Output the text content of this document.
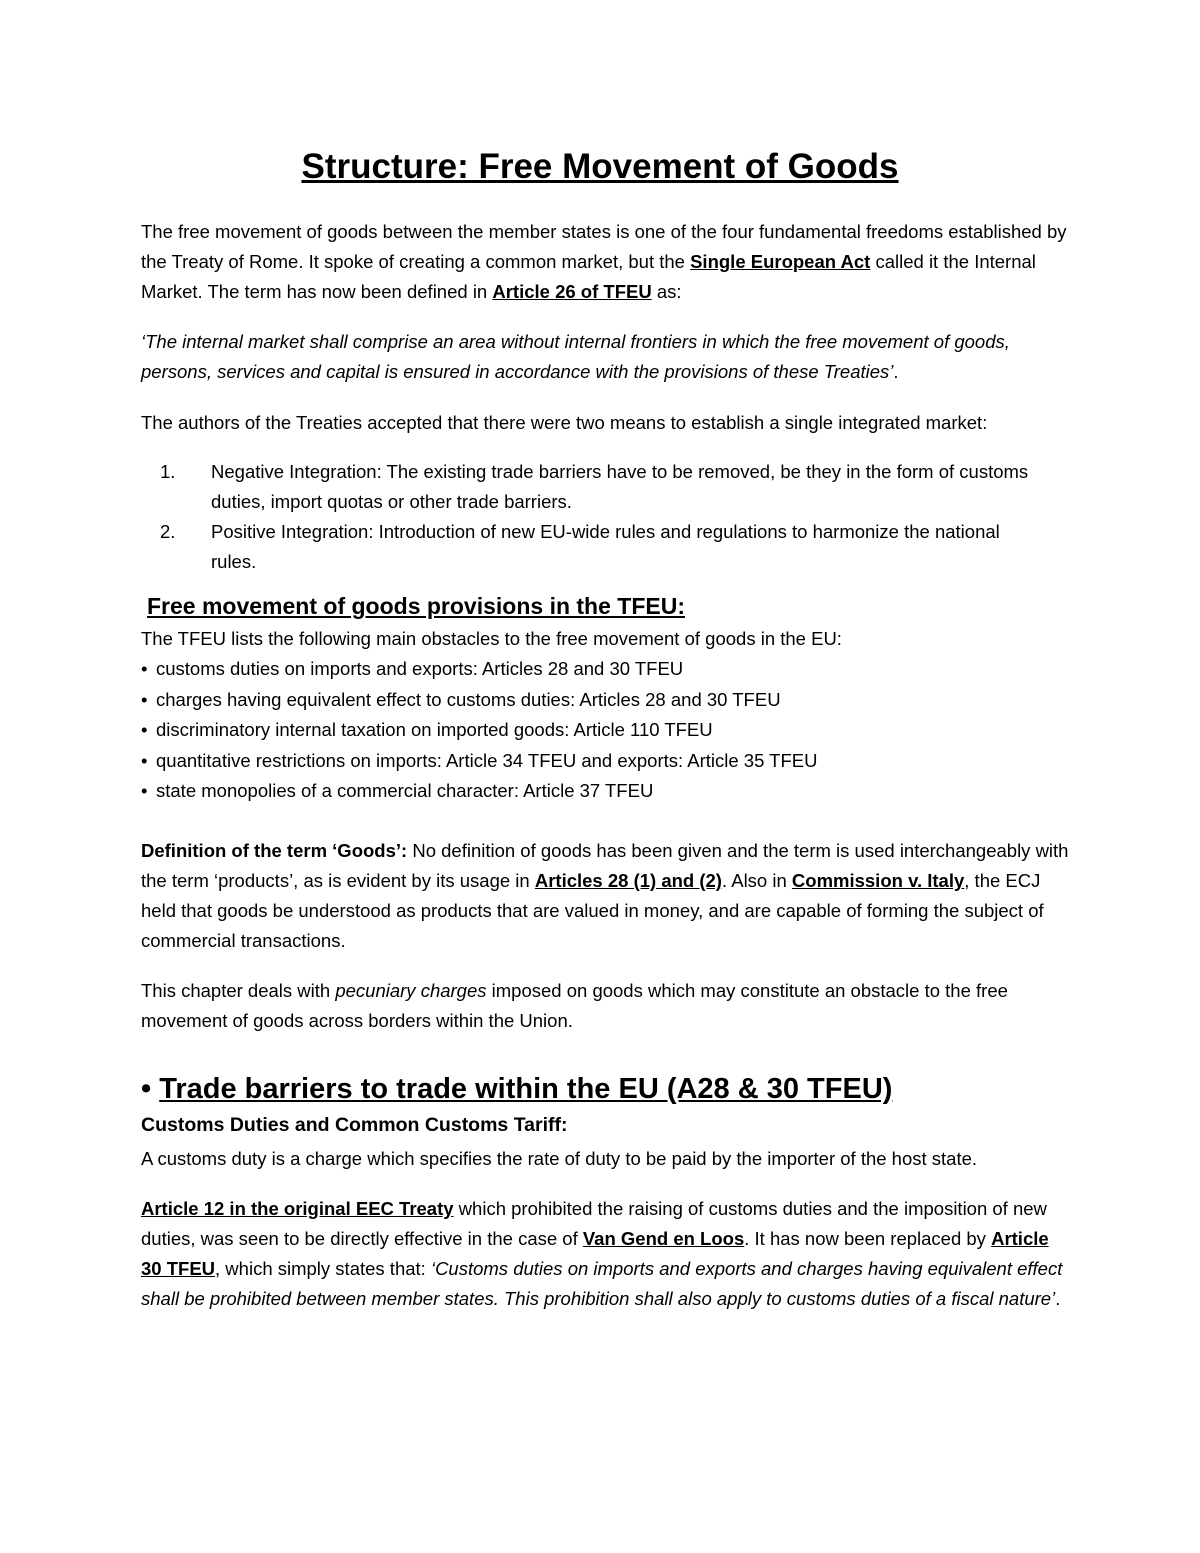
Structure: Free Movement of Goods

The free movement of goods between the member states is one of the four fundamental freedoms established by the Treaty of Rome. It spoke of creating a common market, but the Single European Act called it the Internal Market. The term has now been defined in Article 26 of TFEU as:

‘The internal market shall comprise an area without internal frontiers in which the free movement of goods, persons, services and capital is ensured in accordance with the provisions of these Treaties’.

The authors of the Treaties accepted that there were two means to establish a single integrated market:

1. Negative Integration: The existing trade barriers have to be removed, be they in the form of customs duties, import quotas or other trade barriers.
2. Positive Integration: Introduction of new EU-wide rules and regulations to harmonize the national rules.
Free movement of goods provisions in the TFEU:

The TFEU lists the following main obstacles to the free movement of goods in the EU:

• customs duties on imports and exports: Articles 28 and 30 TFEU
• charges having equivalent effect to customs duties: Articles 28 and 30 TFEU
• discriminatory internal taxation on imported goods: Article 110 TFEU
• quantitative restrictions on imports: Article 34 TFEU and exports: Article 35 TFEU
• state monopolies of a commercial character: Article 37 TFEU

Definition of the term ‘Goods’: No definition of goods has been given and the term is used interchangeably with the term ‘products’, as is evident by its usage in Articles 28 (1) and (2). Also in Commission v. Italy, the ECJ held that goods be understood as products that are valued in money, and are capable of forming the subject of commercial transactions.

This chapter deals with pecuniary charges imposed on goods which may constitute an obstacle to the free movement of goods across borders within the Union.

• Trade barriers to trade within the EU (A28 & 30 TFEU)
Customs Duties and Common Customs Tariff:

A customs duty is a charge which specifies the rate of duty to be paid by the importer of the host state.

Article 12 in the original EEC Treaty which prohibited the raising of customs duties and the imposition of new duties, was seen to be directly effective in the case of Van Gend en Loos. It has now been replaced by Article 30 TFEU, which simply states that: ‘Customs duties on imports and exports and charges having equivalent effect shall be prohibited between member states. This prohibition shall also apply to customs duties of a fiscal nature’.
